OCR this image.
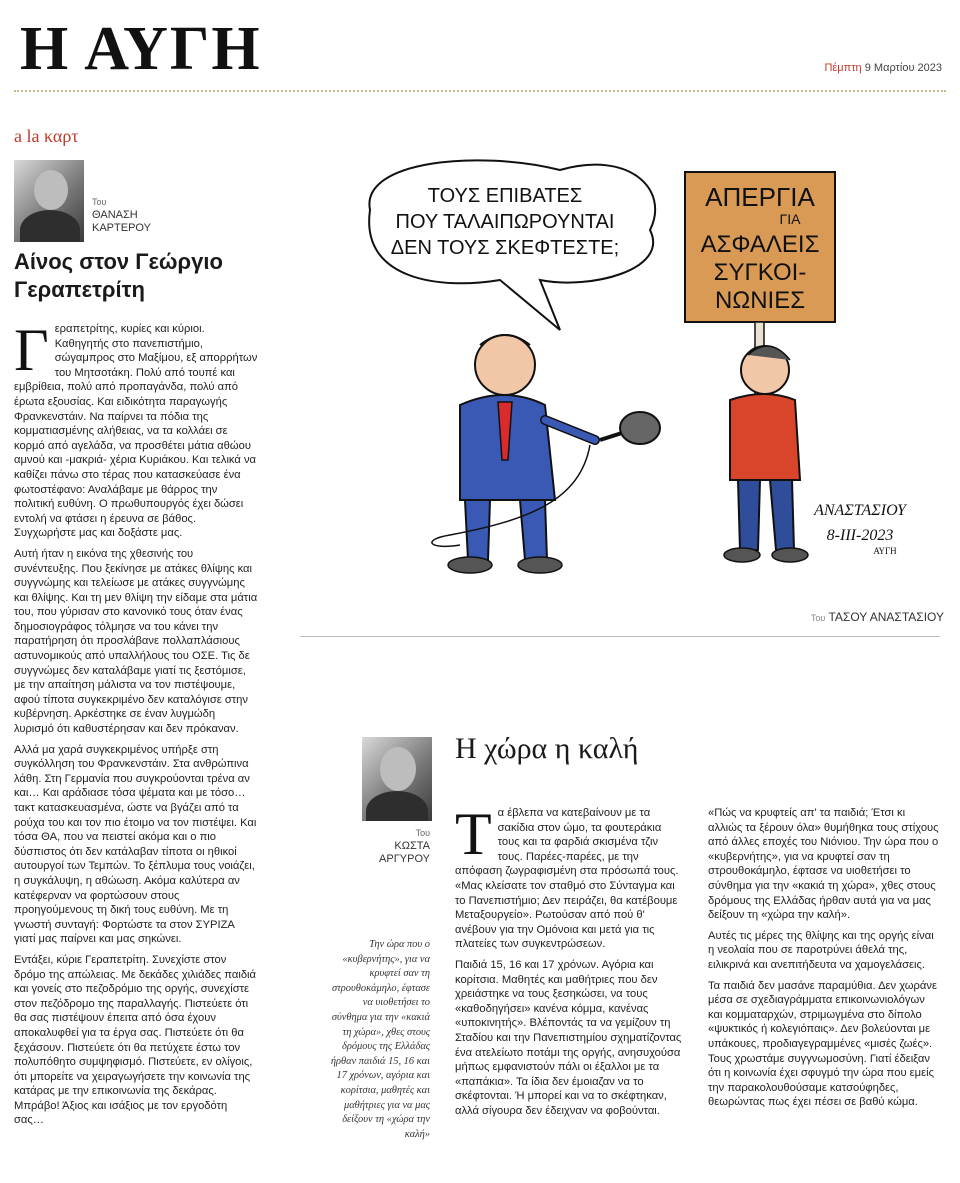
Η ΑΥΓΗ	Πέμπτη 9 Μαρτίου 2023
a la καρτ
Του
ΘΑΝΑΣΗ
ΚΑΡΤΕΡΟΥ
Αίνος στον Γεώργιο Γεραπετρίτη

Γεραπετρίτης, κυρίες και κύριοι. Καθηγητής στο πανεπιστήμιο, σώγαμπρος στο Μαξίμου, εξ απορρήτων του Μητσοτάκη. Πολύ από τουπέ και εμβρίθεια, πολύ από προπαγάνδα, πολύ από έρωτα εξουσίας. Και ειδικότητα παραγωγής Φρανκενστάιν. Να παίρνει τα πόδια της κομματιασμένης αλήθειας, να τα κολλάει σε κορμό από αγελάδα, να προσθέτει μάτια αθώου αμνού και -μακριά- χέρια Κυριάκου. Και τελικά να καθίζει πάνω στο τέρας που κατασκεύασε ένα φωτοστέφανο: Αναλάβαμε με θάρρος την πολιτική ευθύνη. Ο πρωθυπουργός έχει δώσει εντολή να φτάσει η έρευνα σε βάθος. Συγχωρήστε μας και δοξάστε μας.

Αυτή ήταν η εικόνα της χθεσινής του συνέντευξης. Που ξεκίνησε με ατάκες θλίψης και συγγνώμης και τελείωσε με ατάκες συγγνώμης και θλίψης. Και τη μεν θλίψη την είδαμε στα μάτια του, που γύρισαν στο κανονικό τους όταν ένας δημοσιογράφος τόλμησε να του κάνει την παρατήρηση ότι προσλάβανε πολλαπλάσιους αστυνομικούς από υπαλλήλους του ΟΣΕ. Τις δε συγγνώμες δεν καταλάβαμε γιατί τις ξεστόμισε, με την απαίτηση μάλιστα να τον πιστέψουμε, αφού τίποτα συγκεκριμένο δεν καταλόγισε στην κυβέρνηση. Αρκέστηκε σε έναν λυγμώδη λυρισμό ότι καθυστέρησαν και δεν πρόκαναν.

Αλλά μα χαρά συγκεκριμένος υπήρξε στη συγκόλληση του Φρανκενστάιν. Στα ανθρώπινα λάθη. Στη Γερμανία που συγκρούονται τρένα αν και… Και αράδιασε τόσα ψέματα και με τόσο… τακτ κατασκευασμένα, ώστε να βγάζει από τα ρούχα του και τον πιο έτοιμο να τον πιστέψει. Και τόσα ΘΑ, που να πειστεί ακόμα και ο πιο δύσπιστος ότι δεν κατάλαβαν τίποτα οι ηθικοί αυτουργοί των Τεμπών. Το ξέπλυμα τους νοιάζει, η συγκάλυψη, η αθώωση. Ακόμα καλύτερα αν κατέφερναν να φορτώσουν στους προηγούμενους τη δική τους ευθύνη. Με τη γνωστή συνταγή: Φορτώστε τα στον ΣΥΡΙΖΑ γιατί μας παίρνει και μας σηκώνει.

Εντάξει, κύριε Γεραπετρίτη. Συνεχίστε στον δρόμο της απώλειας. Με δεκάδες χιλιάδες παιδιά και γονείς στο πεζοδρόμιο της οργής, συνεχίστε στον πεζόδρομο της παραλλαγής. Πιστεύετε ότι θα σας πιστέψουν έπειτα από όσα έχουν αποκαλυφθεί για τα έργα σας. Πιστεύετε ότι θα ξεχάσουν. Πιστεύετε ότι θα πετύχετε έστω τον πολυπόθητο συμψηφισμό. Πιστεύετε, εν ολίγοις, ότι μπορείτε να χειραγωγήσετε την κοινωνία της κατάρας με την επικοινωνία της δεκάρας. Μπράβο! Άξιος και ισάξιος με τον εργοδότη σας…

ΤΟΥΣ ΕΠΙΒΑΤΕΣ
ΠΟΥ ΤΑΛΑΙΠΩΡΟΥΝΤΑΙ
ΔΕΝ ΤΟΥΣ ΣΚΕΦΤΕΣΤΕ;
ΑΠΕΡΓΙΑ
ΓΙΑ
ΑΣΦΑΛΕΙΣ
ΣΥΓΚΟΙ-
ΝΩΝΙΕΣ
ΑΝΑΣΤΑΣΙΟΥ
8-III-2023
ΑΥΓΗ
Του ΤΑΣΟΥ ΑΝΑΣΤΑΣΙΟΥ
Η χώρα η καλή
Του
ΚΩΣΤΑ
ΑΡΓΥΡΟΥ
Την ώρα που ο «κυβερνήτης», για να κρυφτεί σαν τη στρουθοκάμηλο, έφτασε να υιοθετήσει το σύνθημα για την «κακιά τη χώρα», χθες στους δρόμους της Ελλάδας ήρθαν παιδιά 15, 16 και 17 χρόνων, αγόρια και κορίτσια, μαθητές και μαθήτριες για να μας δείξουν τη «χώρα την καλή»

Τα έβλεπα να κατεβαίνουν με τα σακίδια στον ώμο, τα φουτεράκια τους και τα φαρδιά σκισμένα τζιν τους. Παρέες-παρέες, με την απόφαση ζωγραφισμένη στα πρόσωπά τους. «Μας κλείσατε τον σταθμό στο Σύνταγμα και το Πανεπιστήμιο; Δεν πειράζει, θα κατέβουμε Μεταξουργείο». Ρωτούσαν από πού θ' ανέβουν για την Ομόνοια και μετά για τις πλατείες των συγκεντρώσεων.

Παιδιά 15, 16 και 17 χρόνων. Αγόρια και κορίτσια. Μαθητές και μαθήτριες που δεν χρειάστηκε να τους ξεσηκώσει, να τους «καθοδηγήσει» κανένα κόμμα, κανένας «υποκινητής». Βλέποντάς τα να γεμίζουν τη Σταδίου και την Πανεπιστημίου σχηματίζοντας ένα ατελείωτο ποτάμι της οργής, ανησυχούσα μήπως εμφανιστούν πάλι οι έξαλλοι με τα «παπάκια». Τα ίδια δεν έμοιαζαν να το σκέφτονται. Ή μπορεί και να το σκέφτηκαν, αλλά σίγουρα δεν έδειχναν να φοβούνται.

«Πώς να κρυφτείς απ' τα παιδιά; Έτσι κι αλλιώς τα ξέρουν όλα» θυμήθηκα τους στίχους από άλλες εποχές του Νιόνιου. Την ώρα που ο «κυβερνήτης», για να κρυφτεί σαν τη στρουθοκάμηλο, έφτασε να υιοθετήσει το σύνθημα για την «κακιά τη χώρα», χθες στους δρόμους της Ελλάδας ήρθαν αυτά για να μας δείξουν τη «χώρα την καλή».

Αυτές τις μέρες της θλίψης και της οργής είναι η νεολαία που σε παροτρύνει άθελά της, ειλικρινά και ανεπιτήδευτα να χαμογελάσεις.

Τα παιδιά δεν μασάνε παραμύθια. Δεν χωράνε μέσα σε σχεδιαγράμματα επικοινωνιολόγων και κομματαρχών, στριμωγμένα στο δίπολο «ψυκτικός ή κολεγιόπαις». Δεν βολεύονται με υπάκουες, προδιαγεγραμμένες «μισές ζωές». Τους χρωστάμε συγγνωμοσύνη. Γιατί έδειξαν ότι η κοινωνία έχει σφυγμό την ώρα που εμείς την παρακολουθούσαμε κατσούφηδες, θεωρώντας πως έχει πέσει σε βαθύ κώμα.
